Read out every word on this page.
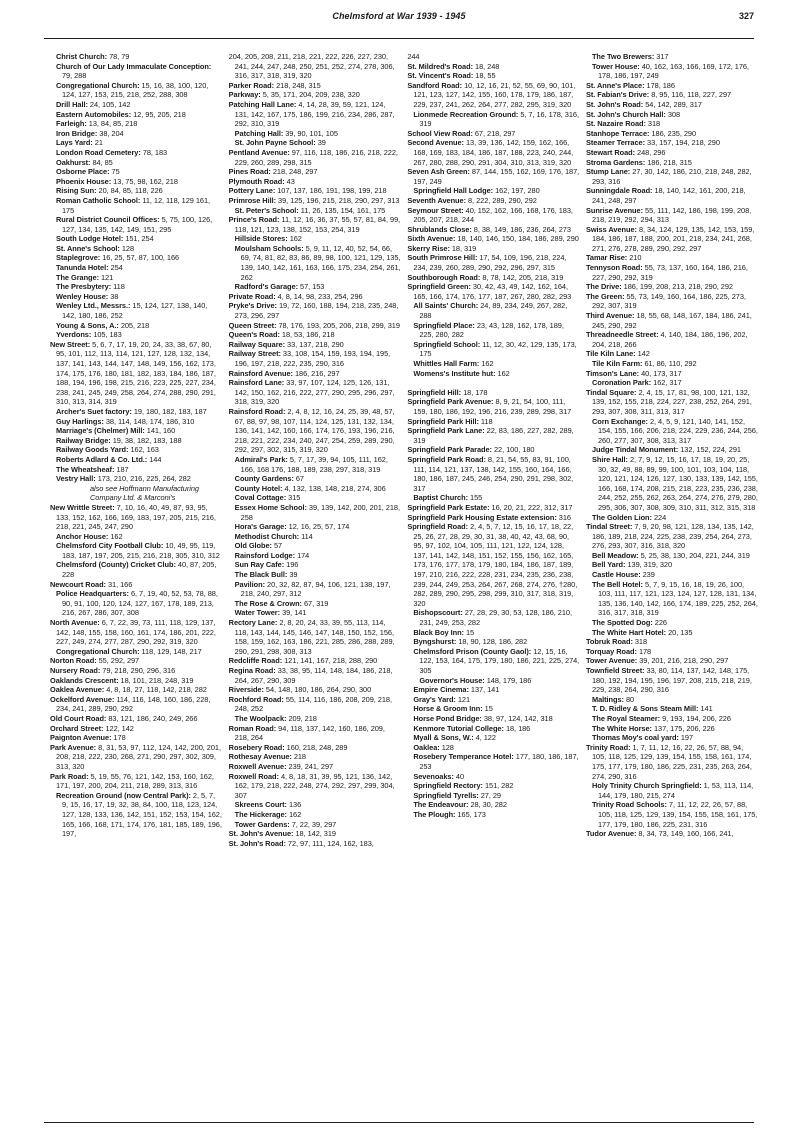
Chelmsford at War 1939 - 1945	327
Christ Church: 78, 79
Church of Our Lady Immaculate Conception: 79, 288
Congregational Church: 15, 16, 38, 100, 120, 124, 127, 153, 215, 218, 252, 288, 308
Drill Hall: 24, 105, 142
Eastern Automobiles: 12, 95, 205, 218
Farleigh: 13, 84, 85, 218
Iron Bridge: 38, 204
Lays Yard: 21
London Road Cemetery: 78, 183
Oakhurst: 84, 85
Osborne Place: 75
Phoenix House: 13, 75, 98, 162, 218
Rising Sun: 20, 84, 85, 118, 226
Roman Catholic School: 11, 12, 118, 129 161, 175
Rural District Council Offices: 5, 75, 100, 126, 127, 134, 135, 142, 149, 151, 295
South Lodge Hotel: 151, 254
St. Anne's School: 128
Staplegrove: 16, 25, 57, 87, 100, 166
Tanunda Hotel: 254
The Grange: 121
The Presbytery: 118
Wenley House: 38
Wenley Ltd., Messrs.: 15, 124, 127, 138, 140, 142, 180, 186, 252
Young & Sons, A.: 205, 218
Yverdons: 105, 183
New Street: 5, 6, 7, 17, 19, 20, 24, 33, 38, 67, 80, 95, 101, 112, 113, 114, 121, 127, 128, 132, 134, 137, 141, 143, 144, 147, 148, 149, 156, 162, 173, 174, 175, 176, 180, 181, 182, 183, 184, 186, 187, 188, 194, 196, 198, 215, 216, 223, 225, 227, 234, 238, 241, 245, 249, 258, 264, 274, 288, 290, 291, 310, 313, 314, 319
Archer's Suet factory: 19, 180, 182, 183, 187
Guy Harlings: 38, 114, 148, 174, 186, 310
Marriage's (Chelmer) Mill: 141, 160
Railway Bridge: 19, 38, 182, 183, 188
Railway Goods Yard: 162, 163
Roberts Adlard & Co. Ltd.: 144
The Wheatsheaf: 187
Vestry Hall: 173, 210, 216, 225, 264, 282
also see Hoffmann Manufacturing Company Ltd. & Marconi's
New Writtle Street: 7, 10, 16, 40, 49, 87, 93, 95, 133, 152, 162, 166, 169, 183, 197, 205, 215, 216, 218, 221, 245, 247, 290
Anchor House: 162
Chelmsford City Football Club: 10, 49, 95, 119, 183, 187, 197, 205, 215, 216, 218, 305, 310, 312
Chelmsford (County) Cricket Club: 40, 87, 205, 228
Newcourt Road: 31, 166
Police Headquarters: 6, 7, 19, 40, 52, 53, 78, 88, 90, 91, 100, 120, 124, 127, 167, 178, 189, 213, 216, 267, 286, 307, 308
North Avenue: 6, 7, 22, 39, 73, 111, 118, 129, 137, 142, 148, 155, 158, 160, 161, 174, 186, 201, 222, 227, 249, 274, 277, 287, 290, 292, 319, 320
Congregational Church: 118, 129, 148, 217
Norton Road: 55, 292, 297
Nursery Road: 79, 218, 290, 296, 316
Oaklands Crescent: 18, 101, 218, 248, 319
Oaklea Avenue: 4, 8, 18, 27, 118, 142, 218, 282
Ockelford Avenue: 114, 116, 148, 160, 186, 228, 234, 241, 289, 290, 292
Old Court Road: 83, 121, 186, 240, 249, 266
Orchard Street: 122, 142
Paignton Avenue: 178
Park Avenue: 8, 31, 53, 97, 112, 124, 142, 200, 201, 208, 218, 222, 230, 268, 271, 290, 297, 302, 309, 313, 320
Park Road: 5, 19, 55, 76, 121, 142, 153, 160, 162, 171, 197, 200, 204, 211, 218, 289, 313, 316
Recreation Ground (now Central Park): 2, 5, 7, 9, 15, 16, 17, 19, 32, 38, 84, 100, 118, 123, 124, 127, 128, 133, 136, 142, 151, 152, 153, 154, 162, 165, 166, 168, 171, 174, 176, 181, 185, 189, 196, 197,
204, 205, 208, 211, 218, 221, 222, 226, 227, 230, 241, 244, 247, 248, 250, 251, 252, 274, 278, 306, 316, 317, 318, 319, 320
Parker Road: 218, 248, 315
Parkway: 5, 35, 171, 204, 209, 238, 320
Patching Hall Lane: 4, 14, 28, 39, 59, 121, 124, 131, 142, 167, 175, 186, 199, 216, 234, 286, 287, 292, 310, 319
Patching Hall: 39, 90, 101, 105
St. John Payne School: 39
Pentland Avenue: 97, 116, 118, 186, 216, 218, 222, 229, 260, 289, 298, 315
Pines Road: 218, 248, 297
Plymouth Road: 43
Pottery Lane: 107, 137, 186, 191, 198, 199, 218
Primrose Hill: 39, 125, 196, 215, 218, 290, 297, 313
St. Peter's School: 11, 26, 135, 154, 161, 175
Prince's Road: 11, 12, 16, 36, 37, 55, 57, 81, 84, 99, 118, 121, 123, 138, 152, 153, 254, 319
Hillside Stores: 162
Moulsham Schools: 5, 9, 11, 12, 40, 52, 54, 66, 69, 74, 81, 82, 83, 86, 89, 98, 100, 121, 129, 135, 139, 140, 142, 161, 163, 166, 175, 234, 254, 261, 262
Radford's Garage: 57, 153
Private Road: 4, 8, 14, 98, 233, 254, 296
Pryke's Drive: 19, 72, 160, 188, 194, 218, 235, 248, 273, 296, 297
Queen Street: 78, 176, 193, 205, 206, 218, 299, 319
Queen's Road: 18, 53, 186, 218
Railway Square: 33, 137, 218, 290
Railway Street: 33, 108, 154, 159, 193, 194, 195, 196, 197, 218, 222, 235, 290, 316
Rainsford Avenue: 186, 216, 297
Rainsford Lane: 33, 97, 107, 124, 125, 126, 131, 142, 150, 162, 216, 222, 277, 290, 295, 296, 297, 318, 319, 320
Rainsford Road: 2, 4, 8, 12, 16, 24, 25, 39, 48, 57, 67, 88, 97, 98, 107, 114, 124, 125, 131, 132, 134, 136, 141, 142, 160, 166, 174, 176, 193, 196, 216, 218, 221, 222, 234, 240, 247, 254, 259, 289, 290, 292, 297, 302, 315, 319, 320
Admiral's Park: 5, 7, 17, 39, 94, 105, 111, 162, 166, 168 176, 188, 189, 238, 297, 318, 319
County Gardens: 67
County Hotel: 4, 132, 138, 148, 218, 274, 306
Coval Cottage: 315
Essex Home School: 39, 139, 142, 200, 201, 218, 258
Hora's Garage: 12, 16, 25, 57, 174
Methodist Church: 114
Old Globe: 57
Rainsford Lodge: 174
Sun Ray Cafe: 196
The Black Bull: 39
Pavilion: 20, 32, 82, 87, 94, 106, 121, 138, 197, 218, 240, 297, 312
The Rose & Crown: 67, 319
Water Tower: 39, 141
Rectory Lane: 2, 8, 20, 24, 33, 39, 55, 113, 114, 118, 143, 144, 145, 146, 147, 148, 150, 152, 156, 158, 159, 162, 163, 186, 221, 285, 286, 288, 289, 290, 291, 298, 308, 313
Redcliffe Road: 121, 141, 167, 218, 288, 290
Regina Road: 33, 38, 95, 114, 148, 184, 186, 218, 264, 267, 290, 309
Riverside: 54, 148, 180, 186, 264, 290, 300
Rochford Road: 55, 114, 116, 186, 208, 209, 218, 248, 252
The Woolpack: 209, 218
Roman Road: 94, 118, 137, 142, 160, 186, 209, 218, 264
Rosebery Road: 160, 218, 248, 289
Rothesay Avenue: 218
Roxwell Avenue: 239, 241, 297
Roxwell Road: 4, 8, 18, 31, 39, 95, 121, 136, 142, 162, 179, 218, 222, 248, 274, 292, 297, 299, 304, 307
Skreens Court: 136
The Hickerage: 162
Tower Gardens: 7, 22, 39, 297
St. John's Avenue: 18, 142, 319
St. John's Road: 72, 97, 111, 124, 162, 183,
244
St. Mildred's Road: 18, 248
St. Vincent's Road: 18, 55
Sandford Road: 10, 12, 16, 21, 52, 55, 69, 90, 101, 121, 123, 127, 142, 155, 160, 178, 179, 186, 187, 229, 237, 241, 262, 264, 277, 282, 295, 319, 320
Lionmede Recreation Ground: 5, 7, 16, 178, 316, 319
School View Road: 67, 218, 297
Second Avenue: 13, 39, 136, 142, 159, 162, 166, 168, 169, 183, 184, 186, 187, 188, 223, 240, 244, 267, 280, 288, 290, 291, 304, 310, 313, 319, 320
Seven Ash Green: 87, 144, 155, 162, 169, 176, 187, 197, 249
Springfield Hall Lodge: 162, 197, 280
Seventh Avenue: 8, 222, 289, 290, 292
Seymour Street: 40, 152, 162, 166, 168, 176, 183, 205, 207, 218, 244
Shrublands Close: 8, 38, 149, 186, 236, 264, 273
Sixth Avenue: 18, 140, 146, 150, 184, 186, 289, 290
Skerry Rise: 18, 319
South Primrose Hill: 17, 54, 109, 196, 218, 224, 234, 239, 260, 289, 290, 292, 296, 297, 315
Southborough Road: 8, 78, 142, 205, 218, 319
Springfield Green: 30, 42, 43, 49, 142, 162, 164, 165, 166, 174, 176, 177, 187, 267, 280, 282, 293
All Saints' Church: 24, 89, 234, 249, 267, 282, 288
Springfield Place: 23, 43, 128, 162, 178, 189, 225, 280, 282
Springfield School: 11, 12, 30, 42, 129, 135, 173, 175
Whittles Hall Farm: 162
Womens's Institute hut: 162
Springfield Hill: 18, 178
Springfield Park Avenue: 8, 9, 21, 54, 100, 111, 159, 180, 186, 192, 196, 216, 239, 289, 298, 317
Springfield Park Hill: 118
Springfield Park Lane: 22, 83, 186, 227, 282, 289, 319
Springfield Park Parade: 22, 100, 180
Springfield Park Road: 8, 21, 54, 55, 83, 91, 100, 111, 114, 121, 137, 138, 142, 155, 160, 164, 166, 180, 186, 187, 245, 246, 254, 290, 291, 298, 302, 317
Baptist Church: 155
Springfield Park Estate: 16, 20, 21, 222, 312, 317
Springfield Park Housing Estate extension: 316
Springfield Road: 2, 4, 5, 7, 12, 15, 16, 17, 18, 22, 25, 26, 27, 28, 29, 30, 31, 38, 40, 42, 43, 68, 90, 95, 97, 102, 104, 105, 111, 121, 122, 124, 128, 137, 141, 142, 148, 151, 152, 155, 156, 162, 165, 173, 176, 177, 178, 179, 180, 184, 186, 187, 189, 197, 210, 216, 222, 228, 231, 234, 235, 236, 238, 239, 244, 249, 253, 264, 267, 268, 274, 276, †280, 282, 289, 290, 295, 298, 299, 310, 317, 318, 319, 320
Bishopscourt: 27, 28, 29, 30, 53, 128, 186, 210, 231, 249, 253, 282
Black Boy Inn: 15
Byngshurst: 18, 90, 128, 186, 282
Chelmsford Prison (County Gaol): 12, 15, 16, 122, 153, 164, 175, 179, 180, 186, 221, 225, 274, 305
Governor's House: 148, 179, 186
Empire Cinema: 137, 141
Gray's Yard: 121
Horse & Groom Inn: 15
Horse Pond Bridge: 38, 97, 124, 142, 318
Kenmore Tutorial College: 18, 186
Myall & Sons, W.: 4, 122
Oaklea: 128
Rosebery Temperance Hotel: 177, 180, 186, 187, 253
Sevenoaks: 40
Springfield Rectory: 151, 282
Springfield Tyrells: 27, 29
The Endeavour: 28, 30, 282
The Plough: 165, 173
The Two Brewers: 317
Tower House: 40, 162, 163, 166, 169, 172, 176, 178, 186, 197, 249
St. Anne's Place: 178, 186
St. Fabian's Drive: 8, 95, 116, 118, 227, 297
St. John's Road: 54, 142, 289, 317
St. John's Church Hall: 308
St. Nazaire Road: 318
Stanhope Terrace: 186, 235, 290
Steamer Terrace: 33, 157, 194, 218, 290
Stewart Road: 248, 296
Stroma Gardens: 186, 218, 315
Stump Lane: 27, 30, 142, 186, 210, 218, 248, 282, 293, 316
Sunningdale Road: 18, 140, 142, 161, 200, 218, 241, 248, 297
Sunrise Avenue: 55, 111, 142, 186, 198, 199, 208, 218, 219, 292, 294, 313
Swiss Avenue: 8, 34, 124, 129, 135, 142, 153, 159, 184, 186, 187, 188, 200, 201, 218, 234, 241, 268, 271, 276, 278, 289, 290, 292, 297
Tamar Rise: 210
Tennyson Road: 55, 73, 137, 160, 164, 186, 216, 227, 290, 292, 319
The Drive: 186, 199, 208, 213, 218, 290, 292
The Green: 55, 73, 149, 160, 164, 186, 225, 273, 292, 307, 319
Third Avenue: 18, 55, 68, 148, 167, 184, 186, 241, 245, 290, 292
Threadneedle Street: 4, 140, 184, 186, 196, 202, 204, 218, 266
Tile Kiln Lane: 142
Tile Kiln Farm: 61, 86, 110, 292
Timson's Lane: 40, 173, 317
Coronation Park: 162, 317
Tindal Square: 2, 4, 15, 17, 81, 98, 100, 121, 132, 139, 152, 155, 218, 224, 227, 238, 252, 264, 291, 293, 307, 308, 311, 313, 317
Corn Exchange: 2, 4, 5, 9, 121, 140, 141, 152, 154, 155, 166, 206, 218, 224, 229, 236, 244, 256, 260, 277, 307, 308, 313, 317
Judge Tindal Monument: 132, 152, 224, 291
Shire Hall: 2, 7, 9, 12, 15, 16, 17, 18, 19, 20, 25, 30, 32, 49, 88, 89, 99, 100, 101, 103, 104, 118, 120, 121, 124, 126, 127, 130, 133, 139, 142, 155, 166, 168, 174, 208, 215, 218, 223, 235, 236, 238, 244, 252, 255, 262, 263, 264, 274, 276, 279, 280, 295, 306, 307, 308, 309, 310, 311, 312, 315, 318
The Golden Lion: 224
Tindal Street: 7, 9, 20, 98, 121, 128, 134, 135, 142, 186, 189, 218, 224, 225, 238, 239, 254, 264, 273, 276, 293, 307, 316, 318, 320
Bell Meadow: 5, 25, 38, 130, 204, 221, 244, 319
Bell Yard: 139, 319, 320
Castle House: 239
The Bell Hotel: 5, 7, 9, 15, 16, 18, 19, 26, 100, 103, 111, 117, 121, 123, 124, 127, 128, 131, 134, 135, 136, 140, 142, 166, 174, 189, 225, 252, 264, 316, 317, 318, 319
The Spotted Dog: 226
The White Hart Hotel: 20, 135
Tobruk Road: 318
Torquay Road: 178
Tower Avenue: 39, 201, 216, 218, 290, 297
Townfield Street: 33, 80, 114, 137, 142, 148, 175, 180, 192, 194, 195, 196, 197, 208, 215, 218, 219, 229, 238, 264, 290, 316
Maltings: 80
T. D. Ridley & Sons Steam Mill: 141
The Royal Steamer: 9, 193, 194, 206, 226
The White Horse: 137, 175, 206, 226
Thomas Moy's coal yard: 197
Trinity Road: 1, 7, 11, 12, 16, 22, 26, 57, 88, 94, 105, 118, 125, 129, 139, 154, 155, 158, 161, 174, 175, 177, 179, 180, 186, 225, 231, 235, 263, 264, 274, 290, 316
Holy Trinity Church Springfield: 1, 53, 113, 114, 144, 179, 180, 215, 274
Trinity Road Schools: 7, 11, 12, 22, 26, 57, 88, 105, 118, 125, 129, 139, 154, 155, 158, 161, 175, 177, 179, 180, 186, 225, 231, 316
Tudor Avenue: 8, 34, 73, 149, 160, 166, 241,
